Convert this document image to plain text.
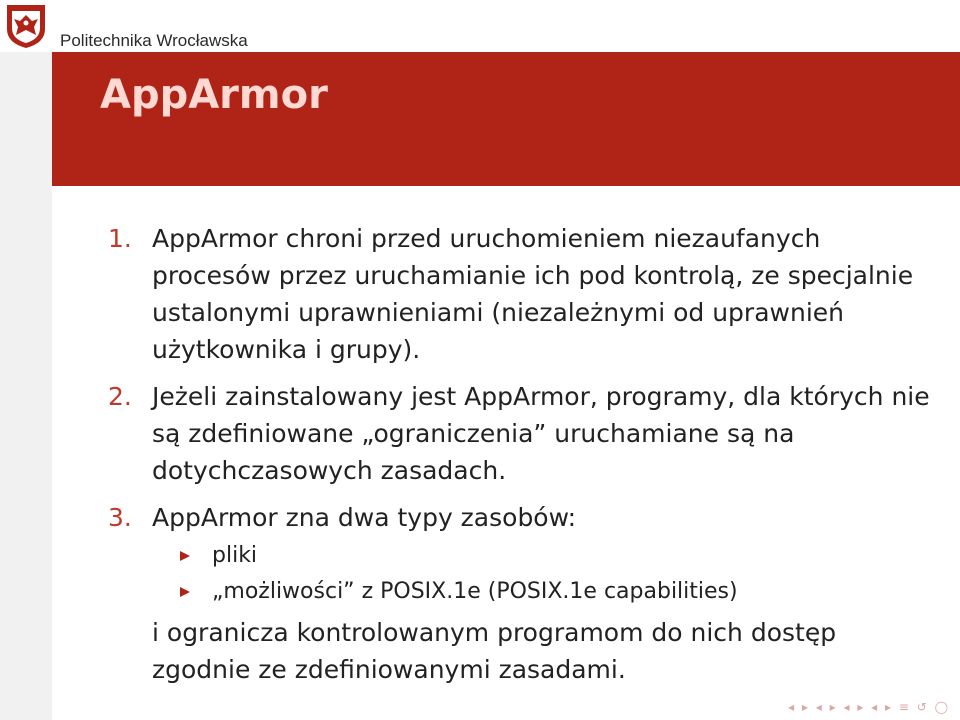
Politechnika Wrocławska
AppArmor
1. AppArmor chroni przed uruchomieniem niezaufanych procesów przez uruchamianie ich pod kontrolą, ze specjalnie ustalonymi uprawnieniami (niezależnymi od uprawnień użytkownika i grupy).
2. Jeżeli zainstalowany jest AppArmor, programy, dla których nie są zdefiniowane „ograniczenia” uruchamiane są na dotychczasowych zasadach.
3. AppArmor zna dwa typy zasobów:
pliki
„możliwości” z POSIX.1e (POSIX.1e capabilities)
i ogranicza kontrolowanym programom do nich dostęp zgodnie ze zdefiniowanymi zasadami.
◂ ▸ ◂ ▸ ◂ ▸ ◂ ▸ ≡ ↺ ◯
